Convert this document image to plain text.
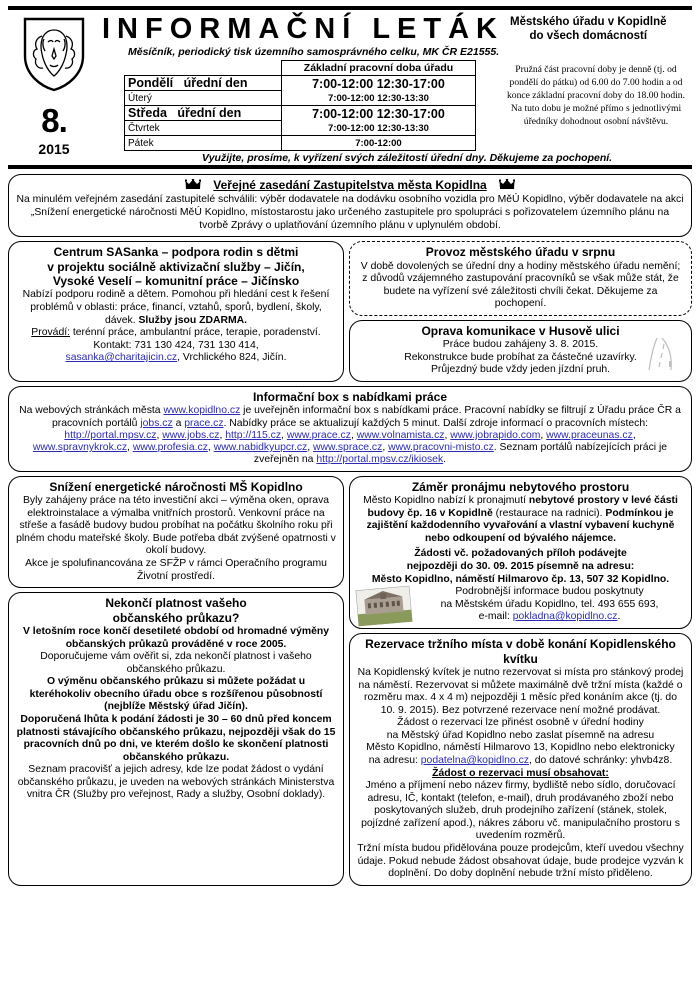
8.
2015
INFORMAČNÍ LETÁK Městského úřadu v Kopidlně
do všech domácností
Měsíčník, periodický tisk územního samosprávného celku, MK ČR E21555.
	Základní pracovní doba úřadu
Pondělí úřední den	7:00-12:00 12:30-17:00
Úterý	7:00-12:00 12:30-13:30
Středa úřední den	7:00-12:00 12:30-17:00
Čtvrtek	7:00-12:00 12:30-13:30
Pátek	7:00-12:00
Pružná část pracovní doby je denně (tj. od pondělí do pátku) od 6.00 do 7.00 hodin a od konce základní pracovní doby do 18.00 hodin. Na tuto dobu je možné přímo s jednotlivými úředníky dohodnout osobní návštěvu.
Využijte, prosíme, k vyřízení svých záležitostí úřední dny. Děkujeme za pochopení.
Veřejné zasedání Zastupitelstva města Kopidlna
Na minulém veřejném zasedání zastupitelé schválili: výběr dodavatele na dodávku osobního vozidla pro MěÚ Kopidlno, výběr dodavatele na akci „Snížení energetické náročnosti MěÚ Kopidlno, místostarostu jako určeného zastupitele pro spolupráci s pořizovatelem územního plánu na tvorbě Zprávy o uplatňování územního plánu v uplynulém období.
Centrum SASanka – podpora rodin s dětmi
v projektu sociálně aktivizační služby – Jičín,
Vysoké Veselí – komunitní práce – Jičínsko
Nabízí podporu rodině a dětem. Pomohou při hledání cest k řešení problémů v oblasti: práce, financí, vztahů, sporů, bydlení, školy, dávek. Služby jsou ZDARMA.
Provádí: terénní práce, ambulantní práce, terapie, poradenství.
Kontakt: 731 130 424, 731 130 414,
sasanka@charitajicin.cz, Vrchlického 824, Jičín.
Provoz městského úřadu v srpnu
V době dovolených se úřední dny a hodiny městského úřadu nemění; z důvodů vzájemného zastupování pracovníků se však může stát, že budete na vyřízení své záležitosti chvíli čekat. Děkujeme za pochopení.
Oprava komunikace v Husově ulici
Práce budou zahájeny 3. 8. 2015.
Rekonstrukce bude probíhat za částečné uzavírky.
Průjezdný bude vždy jeden jízdní pruh.
Informační box s nabídkami práce
Na webových stránkách města www.kopidlno.cz je uveřejněn informační box s nabídkami práce. Pracovní nabídky se filtrují z Úřadu práce ČR a pracovních portálů jobs.cz a prace.cz. Nabídky práce se aktualizují každých 5 minut. Další zdroje informací o pracovních místech: http://portal.mpsv.cz, www.jobs.cz, http://115.cz, www.prace.cz, www.volnamista.cz, www.jobrapido.com, www.praceunas.cz, www.spravnykrok.cz, www.profesia.cz, www.nabidkyupcr.cz, www.sprace.cz, www.pracovni-misto.cz. Seznam portálů nabízejících práci je zveřejněn na http://portal.mpsv.cz/ikiosek.
Snížení energetické náročnosti MŠ Kopidlno
Byly zahájeny práce na této investiční akci – výměna oken, oprava elektroinstalace a výmalba vnitřních prostorů. Venkovní práce na střeše a fasádě budovy budou probíhat na počátku školního roku při plném chodu mateřské školy. Bude potřeba dbát zvýšené opatrnosti v okolí budovy.
Akce je spolufinancována ze SFŽP v rámci Operačního programu Životní prostředí.
Nekončí platnost vašeho
občanského průkazu?
V letošním roce končí desetileté období od hromadné výměny občanských průkazů prováděné v roce 2005.
Doporučujeme vám ověřit si, zda nekončí platnost i vašeho občanského průkazu.
O výměnu občanského průkazu si můžete požádat u kteréhokoliv obecního úřadu obce s rozšířenou působností (nejblíže Městský úřad Jičín).
Doporučená lhůta k podání žádosti je 30 – 60 dnů před koncem platnosti stávajícího občanského průkazu, nejpozději však do 15 pracovních dnů po dni, ve kterém došlo ke skončení platnosti občanského průkazu.
Seznam pracovišť a jejich adresy, kde lze podat žádost o vydání občanského průkazu, je uveden na webových stránkách Ministerstva vnitra ČR (Služby pro veřejnost, Rady a služby, Osobní doklady).
Záměr pronájmu nebytového prostoru
Město Kopidlno nabízí k pronajmutí nebytové prostory v levé části budovy čp. 16 v Kopidlně (restaurace na radnici). Podmínkou je zajištění každodenního vyvařování a vlastní vybavení kuchyně nebo odkoupení od bývalého nájemce.
Žádosti vč. požadovaných příloh podávejte
nejpozději do 30. 09. 2015 písemně na adresu:
Město Kopidlno, náměstí Hilmarovo čp. 13, 507 32 Kopidlno.
Podrobnější informace budou poskytnuty
na Městském úřadu Kopidlno, tel. 493 655 693,
e-mail: pokladna@kopidlno.cz.
Rezervace tržního místa v době konání Kopidlenského kvítku
Na Kopidlenský kvítek je nutno rezervovat si místa pro stánkový prodej na náměstí. Rezervovat si můžete maximálně dvě tržní místa (každé o rozměru max. 4 x 4 m) nejpozději 1 měsíc před konáním akce (tj. do 10. 9. 2015). Bez potvrzené rezervace není možné prodávat.
Žádost o rezervaci lze přinést osobně v úřední hodiny
na Městský úřad Kopidlno nebo zaslat písemně na adresu
Město Kopidlno, náměstí Hilmarovo 13, Kopidlno nebo elektronicky
na adresu: podatelna@kopidlno.cz, do datové schránky: yhvb4z8.
Žádost o rezervaci musí obsahovat:
Jméno a příjmení nebo název firmy, bydliště nebo sídlo, doručovací adresu, IČ, kontakt (telefon, e-mail), druh prodávaného zboží nebo poskytovaných služeb, druh prodejního zařízení (stánek, stolek, pojízdné zařízení apod.), nákres záboru vč. manipulačního prostoru s uvedením rozměrů.
Tržní místa budou přidělována pouze prodejcům, kteří uvedou všechny údaje. Pokud nebude žádost obsahovat údaje, bude prodejce vyzván k doplnění. Do doby doplnění nebude tržní místo přiděleno.
